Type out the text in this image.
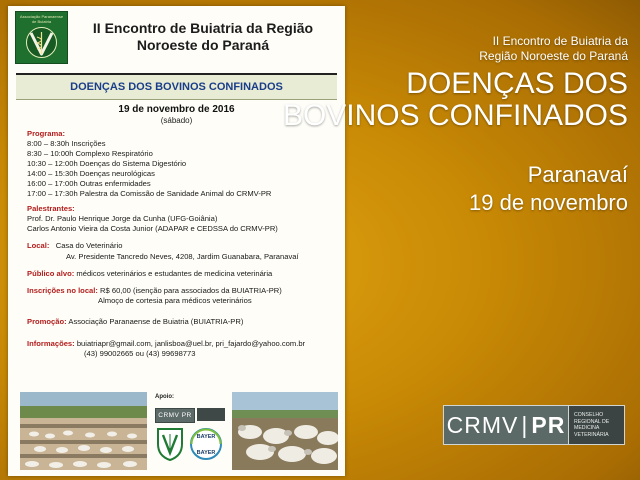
Associação Paranaense de Buiatria	II Encontro de Buiatria da Região
Noroeste do Paraná
DOENÇAS DOS BOVINOS CONFINADOS
19 de novembro de 2016
(sábado)
Programa:
8:00 – 8:30h Inscrições
8:30 – 10:00h Complexo Respiratório
10:30 – 12:00h Doenças do Sistema Digestório
14:00 – 15:30h Doenças neurológicas
16:00 – 17:00h Outras enfermidades
17:00 – 17:30h Palestra da Comissão de Sanidade Animal do CRMV-PR
Palestrantes:
Prof. Dr. Paulo Henrique Jorge da Cunha (UFG-Goiânia)
Carlos Antonio Vieira da Costa Junior (ADAPAR e CEDSSA do CRMV-PR)
Local: Casa do Veterinário
Av. Presidente Tancredo Neves, 4208, Jardim Guanabara, Paranavaí
Público alvo: médicos veterinários e estudantes de medicina veterinária
Inscrições no local: R$ 60,00 (isenção para associados da BUIATRIA-PR)
Almoço de cortesia para médicos veterinários
Promoção: Associação Paranaense de Buiatria (BUIATRIA-PR)
Informações: buiatriapr@gmail.com, janlisboa@uel.br, pri_fajardo@yahoo.com.br
(43) 99002665 ou (43) 99698773
Apoio:
CRMV PR
BAYER
BAYER
II Encontro de Buiatria da
Região Noroeste do Paraná
DOENÇAS DOS
BOVINOS CONFINADOS
Paranavaí
19 de novembro
CRMV | PR CONSELHO
REGIONAL DE
MEDICINA
VETERINÁRIA
